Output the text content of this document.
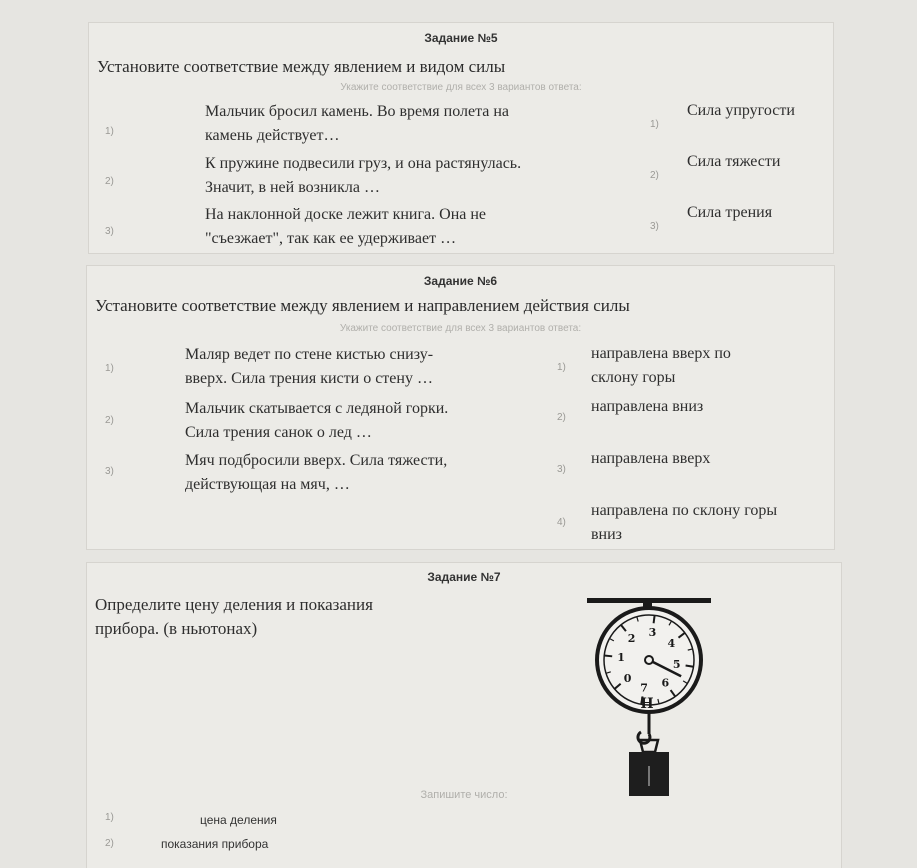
Задание №5
Установите соответствие между явлением и видом силы
Укажите соответствие для всех 3 вариантов ответа:
1)
Мальчик бросил камень. Во время полета на
камень действует…
2)
К пружине подвесили груз, и она растянулась.
Значит, в ней возникла …
3)
На наклонной доске лежит книга. Она не
"съезжает", так как ее удерживает …
1)
Сила упругости
2)
Сила тяжести
3)
Сила трения
Задание №6
Установите соответствие между явлением и направлением действия силы
Укажите соответствие для всех 3 вариантов ответа:
1)
Маляр ведет по стене кистью снизу-
вверх. Сила трения кисти о стену …
2)
Мальчик скатывается с ледяной горки.
Сила трения санок о лед …
3)
Мяч подбросили вверх. Сила тяжести,
действующая на мяч, …
1)
направлена вверх по
склону горы
2)
направлена вниз
3)
направлена вверх
4)
направлена по склону горы
вниз
Задание №7
Определите цену деления и показания
прибора. (в ньютонах)
0
1
2 3
4
5
6
7
Н
Запишите число:
1)	цена деления
2)	показания прибора
